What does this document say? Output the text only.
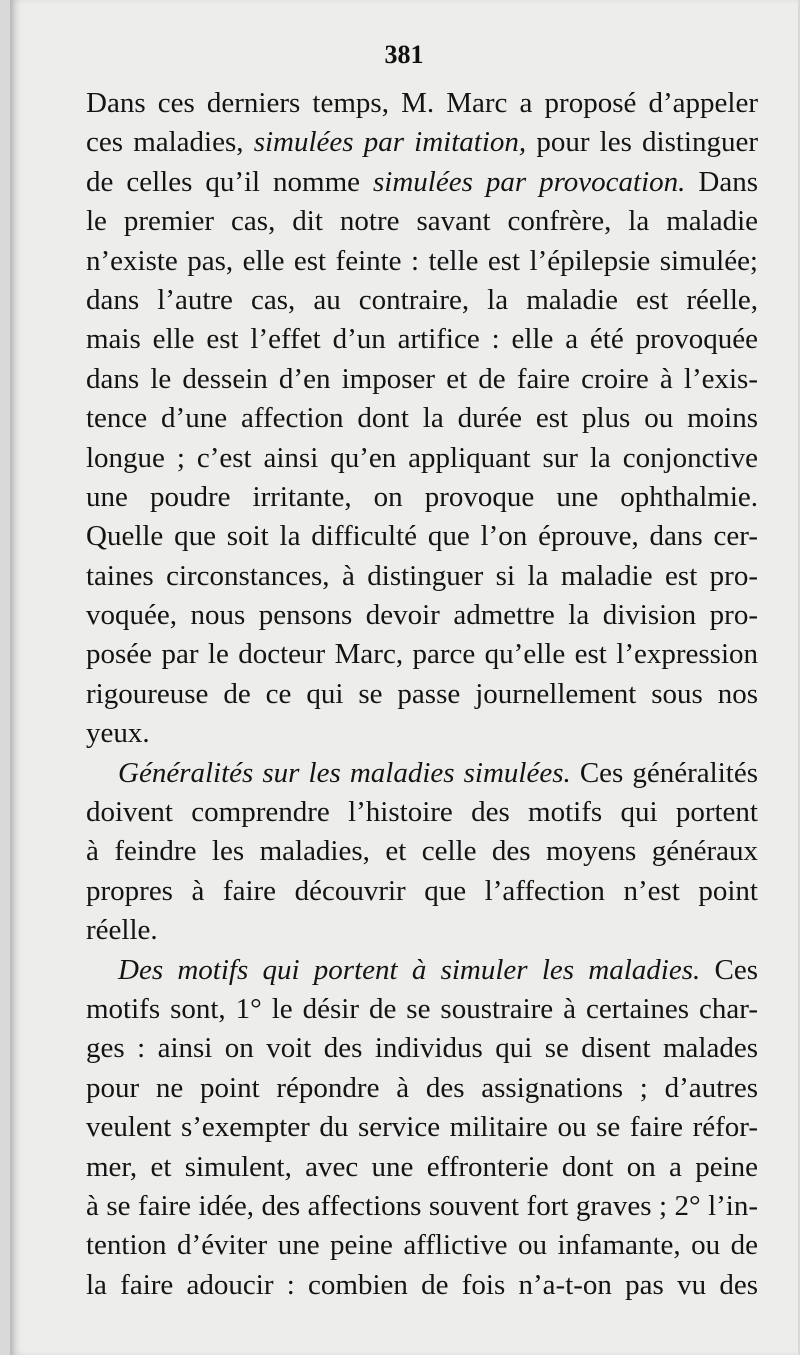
381
Dans ces derniers temps, M. Marc a proposé d’appeler
ces maladies, simulées par imitation, pour les distinguer
de celles qu’il nomme simulées par provocation. Dans
le premier cas, dit notre savant confrère, la maladie
n’existe pas, elle est feinte : telle est l’épilepsie simulée;
dans l’autre cas, au contraire, la maladie est réelle,
mais elle est l’effet d’un artifice : elle a été provoquée
dans le dessein d’en imposer et de faire croire à l’exis-
tence d’une affection dont la durée est plus ou moins
longue ; c’est ainsi qu’en appliquant sur la conjonctive
une poudre irritante, on provoque une ophthalmie.
Quelle que soit la difficulté que l’on éprouve, dans cer-
taines circonstances, à distinguer si la maladie est pro-
voquée, nous pensons devoir admettre la division pro-
posée par le docteur Marc, parce qu’elle est l’expression
rigoureuse de ce qui se passe journellement sous nos
yeux.
Généralités sur les maladies simulées. Ces généralités
doivent comprendre l’histoire des motifs qui portent
à feindre les maladies, et celle des moyens généraux
propres à faire découvrir que l’affection n’est point
réelle.
Des motifs qui portent à simuler les maladies. Ces
motifs sont, 1° le désir de se soustraire à certaines char-
ges : ainsi on voit des individus qui se disent malades
pour ne point répondre à des assignations ; d’autres
veulent s’exempter du service militaire ou se faire réfor-
mer, et simulent, avec une effronterie dont on a peine
à se faire idée, des affections souvent fort graves ; 2° l’in-
tention d’éviter une peine afflictive ou infamante, ou de
la faire adoucir : combien de fois n’a-t-on pas vu des
